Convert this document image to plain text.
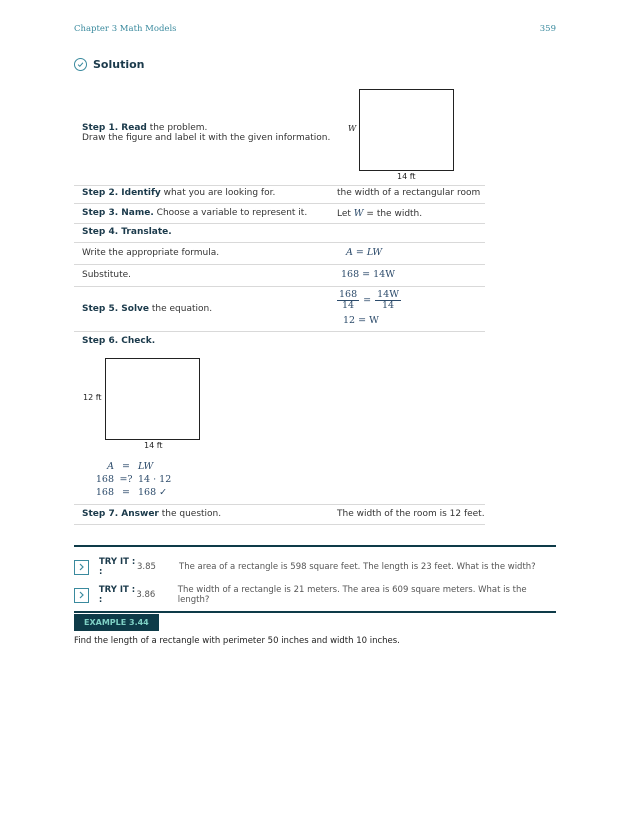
Chapter 3 Math Models	359
Solution
Step 1. Read the problem.
Draw the figure and label it with the given information.
W
14 ft
Step 2. Identify what you are looking for.	the width of a rectangular room
Step 3. Name. Choose a variable to represent it.	Let W = the width.
Step 4. Translate.
Write the appropriate formula.	A = LW
Substitute.	168 = 14W
Step 5. Solve the equation.	$\frac{168}{14} = \frac{14W}{14}$
12 = W
Step 6. Check.
12 ft
14 ft
A = LW
168 =? 14 · 12
168 = 168 ✓
Step 7. Answer the question.	The width of the room is 12 feet.
TRY IT : :	3.85	The area of a rectangle is 598 square feet. The length is 23 feet. What is the width?
TRY IT : :	3.86	The width of a rectangle is 21 meters. The area is 609 square meters. What is the length?
EXAMPLE 3.44
Find the length of a rectangle with perimeter 50 inches and width 10 inches.
